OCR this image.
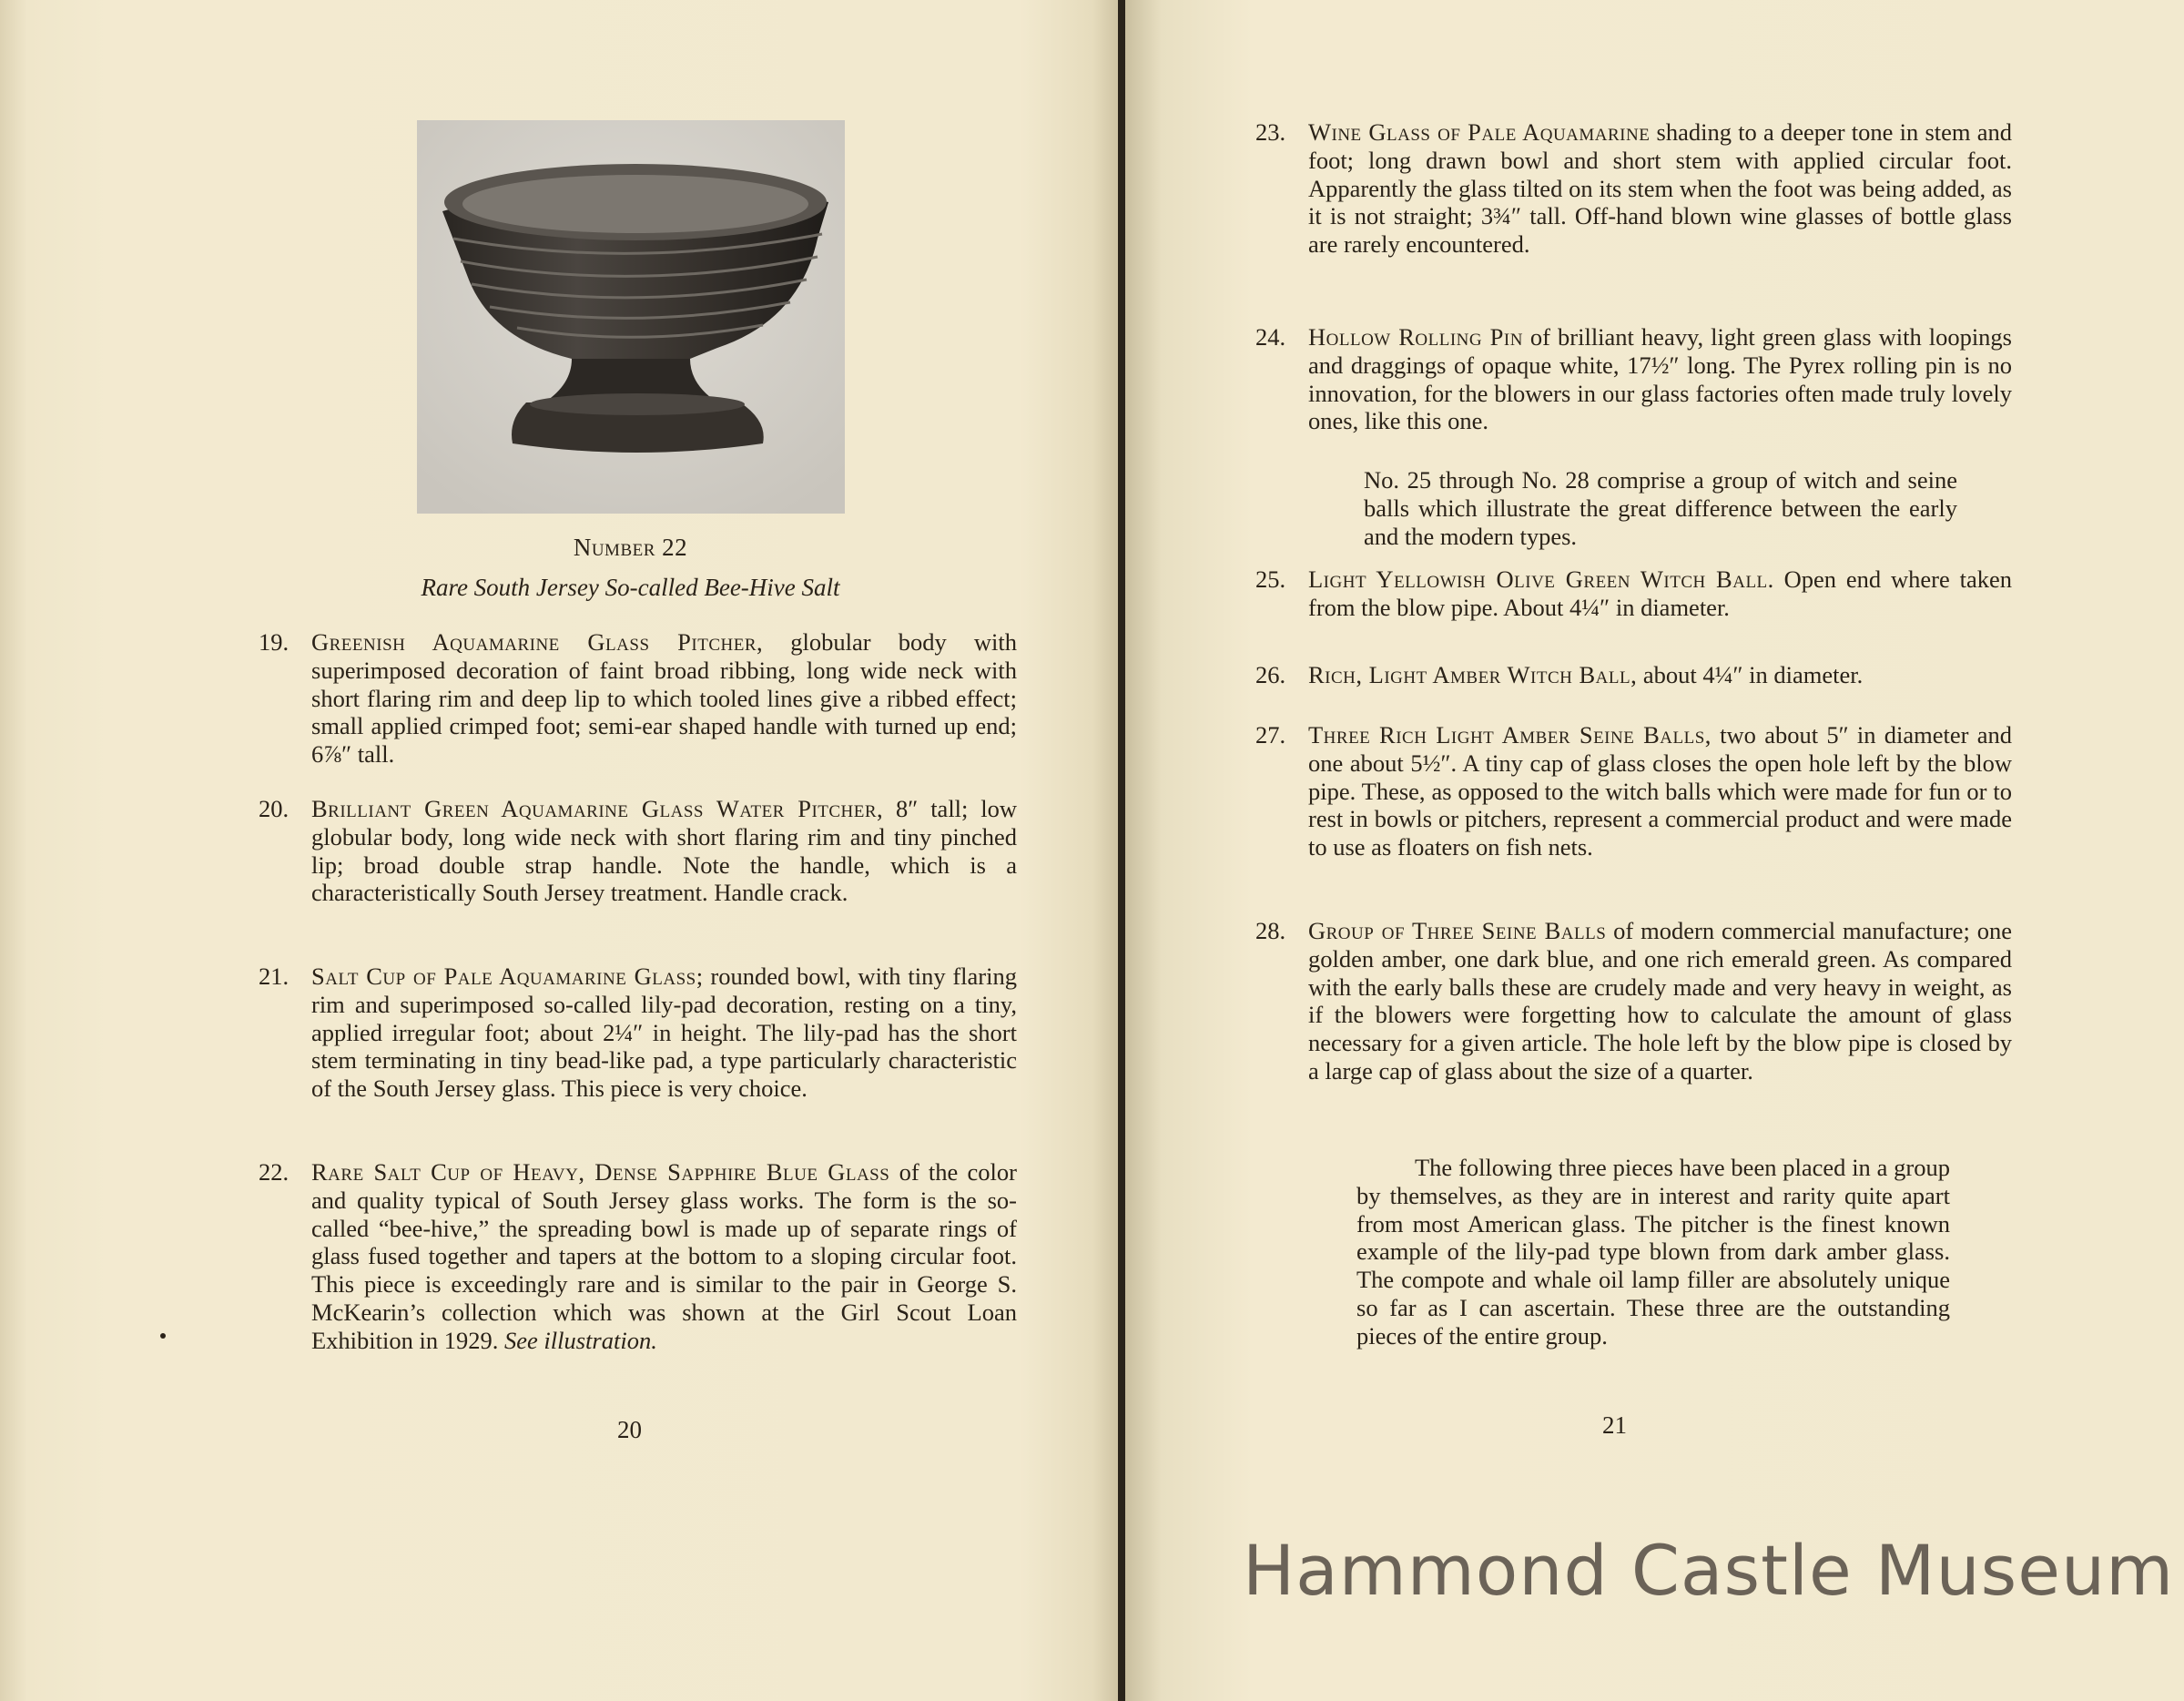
Number 22
Rare South Jersey So-called Bee-Hive Salt
19. Greenish Aquamarine Glass Pitcher, globular body with superimposed decoration of faint broad ribbing, long wide neck with short flaring rim and deep lip to which tooled lines give a ribbed effect; small applied crimped foot; semi-ear shaped handle with turned up end; 6⅞″ tall.
20. Brilliant Green Aquamarine Glass Water Pitcher, 8″ tall; low globular body, long wide neck with short flaring rim and tiny pinched lip; broad double strap handle. Note the handle, which is a characteristically South Jersey treatment. Handle crack.
21. Salt Cup of Pale Aquamarine Glass; rounded bowl, with tiny flaring rim and superimposed so-called lily-pad decoration, resting on a tiny, applied irregular foot; about 2¼″ in height. The lily-pad has the short stem terminating in tiny bead-like pad, a type particularly characteristic of the South Jersey glass. This piece is very choice.
22. Rare Salt Cup of Heavy, Dense Sapphire Blue Glass of the color and quality typical of South Jersey glass works. The form is the so-called “bee-hive,” the spreading bowl is made up of separate rings of glass fused together and tapers at the bottom to a sloping circular foot. This piece is exceedingly rare and is similar to the pair in George S. McKearin’s collection which was shown at the Girl Scout Loan Exhibition in 1929. See illustration.
20
23. Wine Glass of Pale Aquamarine shading to a deeper tone in stem and foot; long drawn bowl and short stem with applied circular foot. Apparently the glass tilted on its stem when the foot was being added, as it is not straight; 3¾″ tall. Off-hand blown wine glasses of bottle glass are rarely encountered.
24. Hollow Rolling Pin of brilliant heavy, light green glass with loopings and draggings of opaque white, 17½″ long. The Pyrex rolling pin is no innovation, for the blowers in our glass factories often made truly lovely ones, like this one.
No. 25 through No. 28 comprise a group of witch and seine balls which illustrate the great difference between the early and the modern types.
25. Light Yellowish Olive Green Witch Ball. Open end where taken from the blow pipe. About 4¼″ in diameter.
26. Rich, Light Amber Witch Ball, about 4¼″ in diameter.
27. Three Rich Light Amber Seine Balls, two about 5″ in diameter and one about 5½″. A tiny cap of glass closes the open hole left by the blow pipe. These, as opposed to the witch balls which were made for fun or to rest in bowls or pitchers, represent a commercial product and were made to use as floaters on fish nets.
28. Group of Three Seine Balls of modern commercial manufacture; one golden amber, one dark blue, and one rich emerald green. As compared with the early balls these are crudely made and very heavy in weight, as if the blowers were forgetting how to calculate the amount of glass necessary for a given article. The hole left by the blow pipe is closed by a large cap of glass about the size of a quarter.
The following three pieces have been placed in a group by themselves, as they are in interest and rarity quite apart from most American glass. The pitcher is the finest known example of the lily-pad type blown from dark amber glass. The compote and whale oil lamp filler are absolutely unique so far as I can ascertain. These three are the outstanding pieces of the entire group.
21
Hammond Castle Museum
